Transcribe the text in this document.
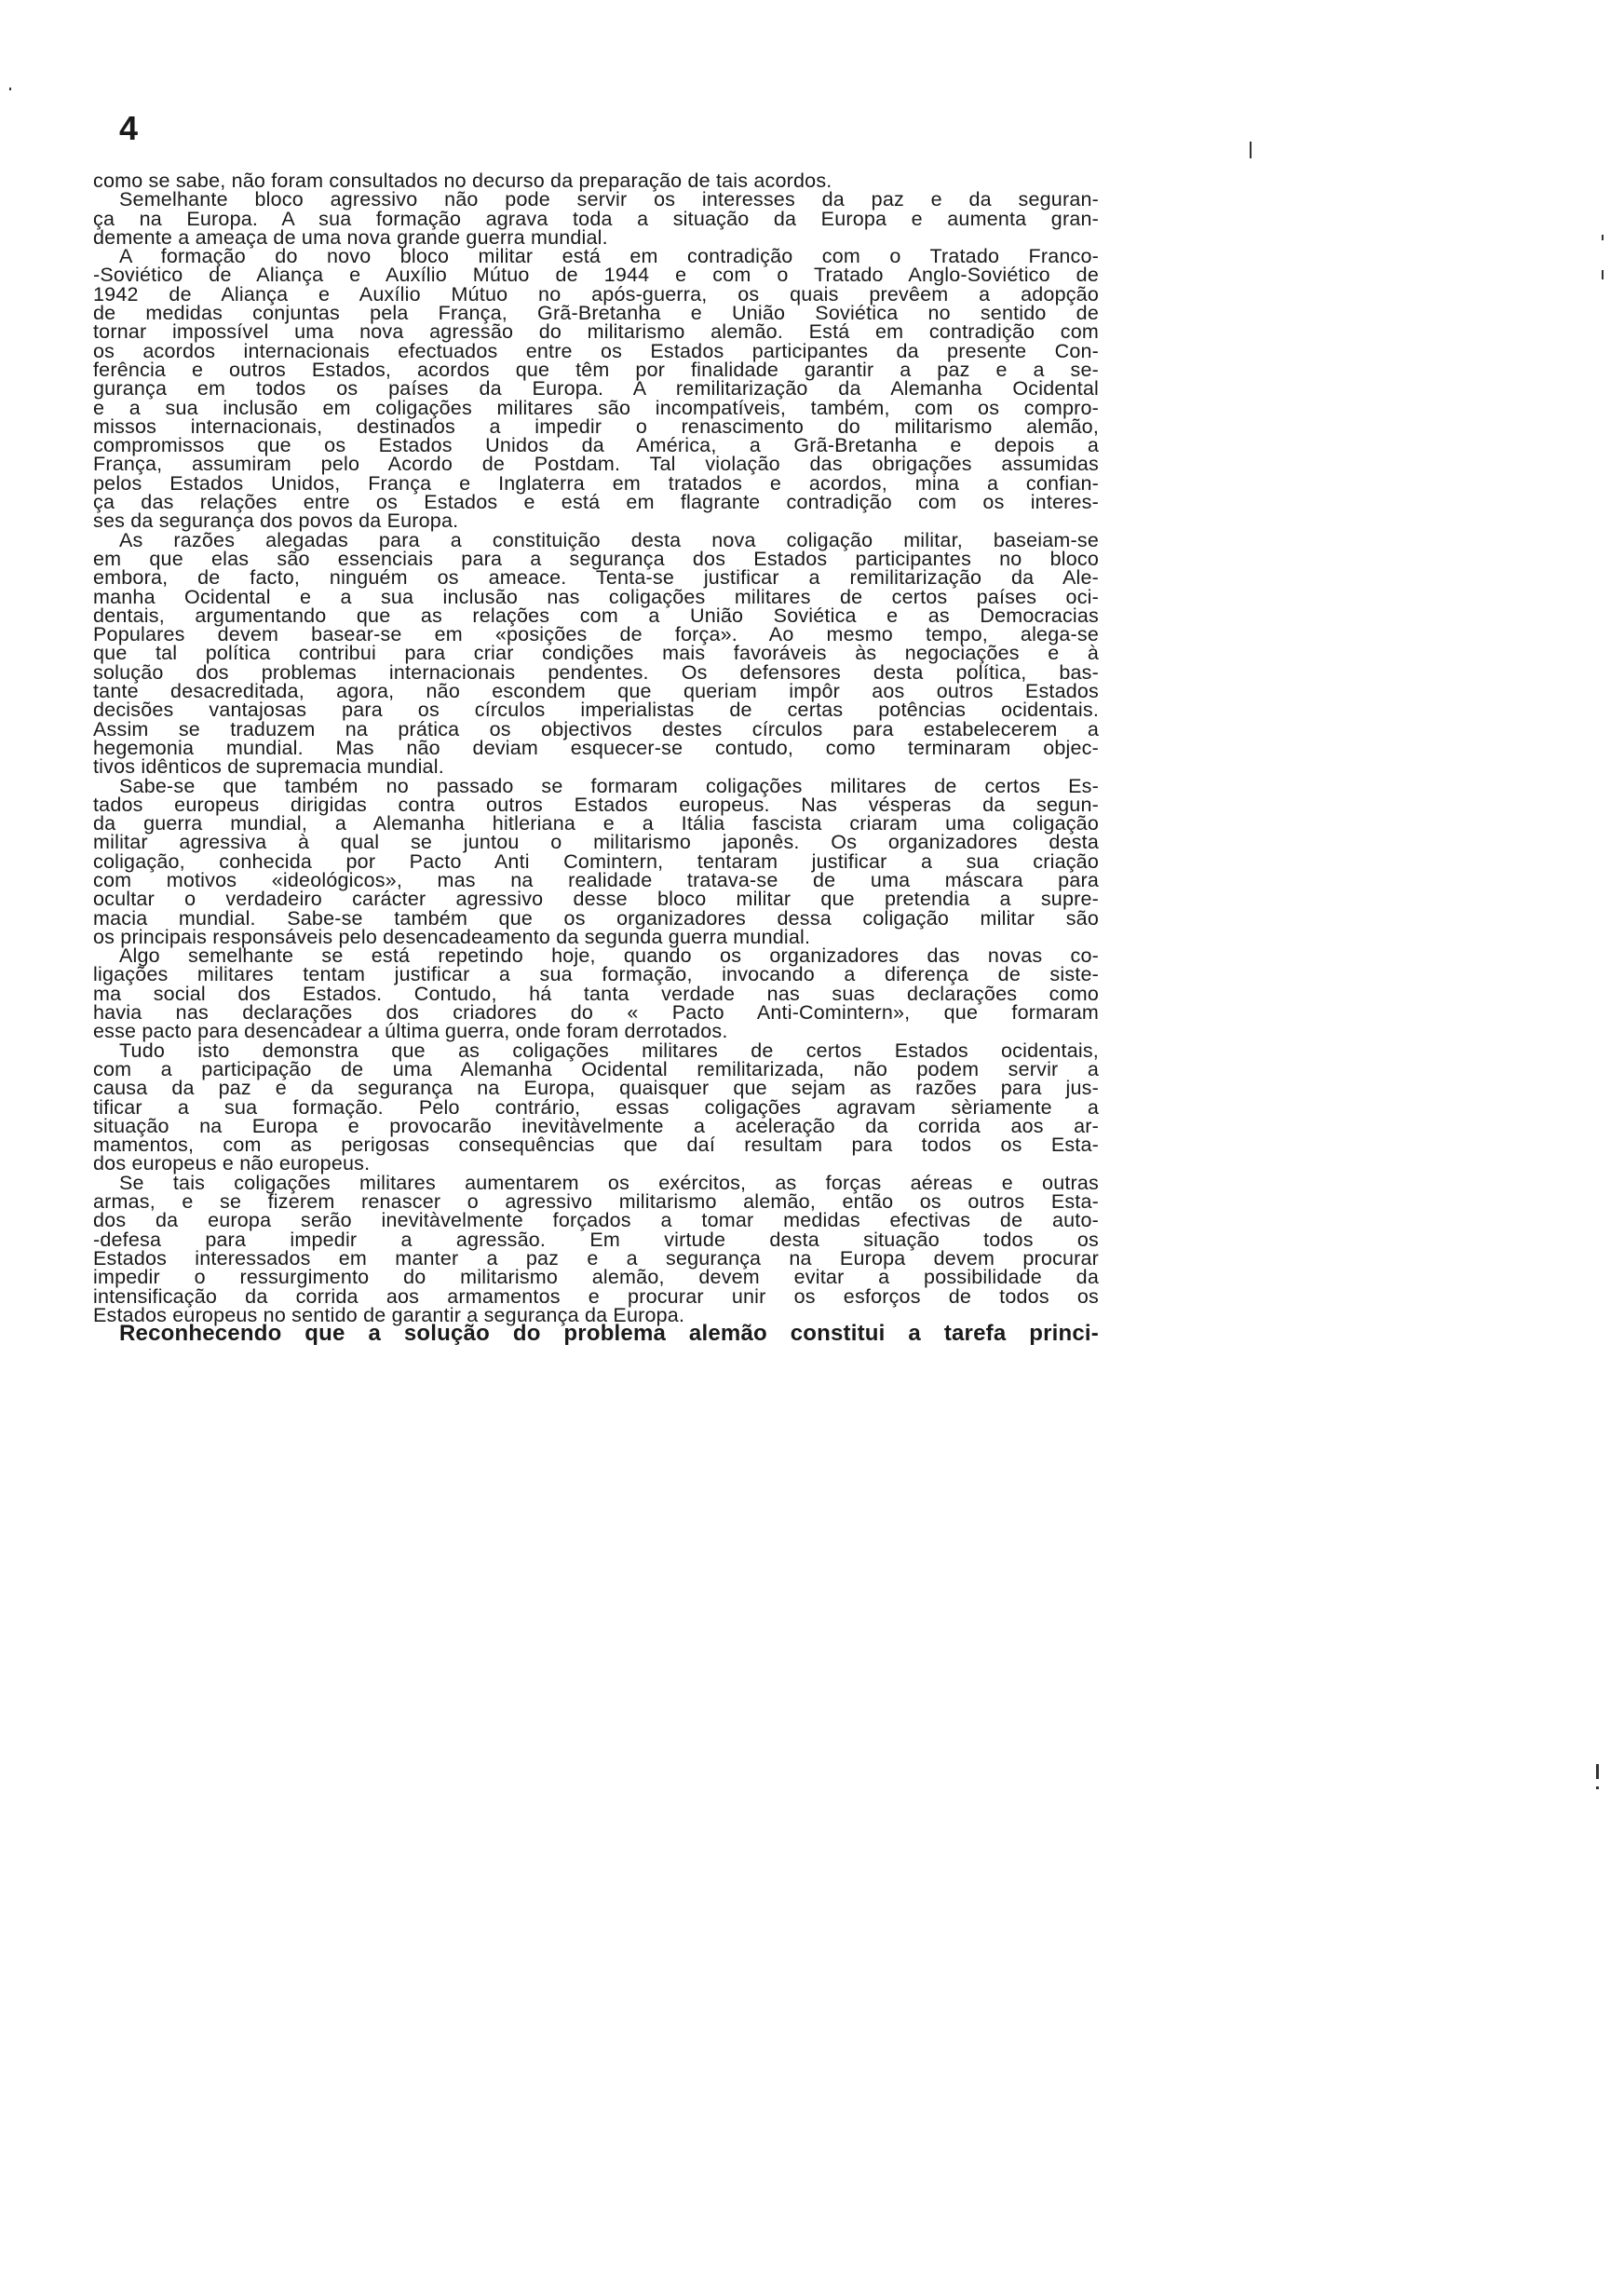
4
como se sabe, não foram consultados no decurso da preparação de tais acordos.
Semelhante bloco agressivo não pode servir os interesses da paz e da seguran-
ça na Europa. A sua formação agrava toda a situação da Europa e aumenta gran-
demente a ameaça de uma nova grande guerra mundial.
A formação do novo bloco militar está em contradição com o Tratado Franco-
-Soviético de Aliança e Auxílio Mútuo de 1944 e com o Tratado Anglo-Soviético de
1942 de Aliança e Auxílio Mútuo no após-guerra, os quais prevêem a adopção
de medidas conjuntas pela França, Grã-Bretanha e União Soviética no sentido de
tornar impossível uma nova agressão do militarismo alemão. Está em contradição com
os acordos internacionais efectuados entre os Estados participantes da presente Con-
ferência e outros Estados, acordos que têm por finalidade garantir a paz e a se-
gurança em todos os países da Europa. A remilitarização da Alemanha Ocidental
e a sua inclusão em coligações militares são incompatíveis, também, com os compro-
missos internacionais, destinados a impedir o renascimento do militarismo alemão,
compromissos que os Estados Unidos da América, a Grã-Bretanha e depois a
França, assumiram pelo Acordo de Postdam. Tal violação das obrigações assumidas
pelos Estados Unidos, França e Inglaterra em tratados e acordos, mina a confian-
ça das relações entre os Estados e está em flagrante contradição com os interes-
ses da segurança dos povos da Europa.
As razões alegadas para a constituição desta nova coligação militar, baseiam-se
em que elas são essenciais para a segurança dos Estados participantes no bloco
embora, de facto, ninguém os ameace. Tenta-se justificar a remilitarização da Ale-
manha Ocidental e a sua inclusão nas coligações militares de certos países oci-
dentais, argumentando que as relações com a União Soviética e as Democracias
Populares devem basear-se em «posições de força». Ao mesmo tempo, alega-se
que tal política contribui para criar condições mais favoráveis às negociações e à
solução dos problemas internacionais pendentes. Os defensores desta política, bas-
tante desacreditada, agora, não escondem que queriam impôr aos outros Estados
decisões vantajosas para os círculos imperialistas de certas potências ocidentais.
Assim se traduzem na prática os objectivos destes círculos para estabelecerem a
hegemonia mundial. Mas não deviam esquecer-se contudo, como terminaram objec-
tivos idênticos de supremacia mundial.
Sabe-se que também no passado se formaram coligações militares de certos Es-
tados europeus dirigidas contra outros Estados europeus. Nas vésperas da segun-
da guerra mundial, a Alemanha hitleriana e a Itália fascista criaram uma coligação
militar agressiva à qual se juntou o militarismo japonês. Os organizadores desta
coligação, conhecida por Pacto Anti Comintern, tentaram justificar a sua criação
com motivos «ideológicos», mas na realidade tratava-se de uma máscara para
ocultar o verdadeiro carácter agressivo desse bloco militar que pretendia a supre-
macia mundial. Sabe-se também que os organizadores dessa coligação militar são
os principais responsáveis pelo desencadeamento da segunda guerra mundial.
Algo semelhante se está repetindo hoje, quando os organizadores das novas co-
ligações militares tentam justificar a sua formação, invocando a diferença de siste-
ma social dos Estados. Contudo, há tanta verdade nas suas declarações como
havia nas declarações dos criadores do « Pacto Anti-Comintern», que formaram
esse pacto para desencadear a última guerra, onde foram derrotados.
Tudo isto demonstra que as coligações militares de certos Estados ocidentais,
com a participação de uma Alemanha Ocidental remilitarizada, não podem servir a
causa da paz e da segurança na Europa, quaisquer que sejam as razões para jus-
tificar a sua formação. Pelo contrário, essas coligações agravam sèriamente a
situação na Europa e provocarão inevitàvelmente a aceleração da corrida aos ar-
mamentos, com as perigosas consequências que daí resultam para todos os Esta-
dos europeus e não europeus.
Se tais coligações militares aumentarem os exércitos, as forças aéreas e outras
armas, e se fizerem renascer o agressivo militarismo alemão, então os outros Esta-
dos da europa serão inevitàvelmente forçados a tomar medidas efectivas de auto-
-defesa para impedir a agressão. Em virtude desta situação todos os
Estados interessados em manter a paz e a segurança na Europa devem procurar
impedir o ressurgimento do militarismo alemão, devem evitar a possibilidade da
intensificação da corrida aos armamentos e procurar unir os esforços de todos os
Estados europeus no sentido de garantir a segurança da Europa.
Reconhecendo que a solução do problema alemão constitui a tarefa princi-
